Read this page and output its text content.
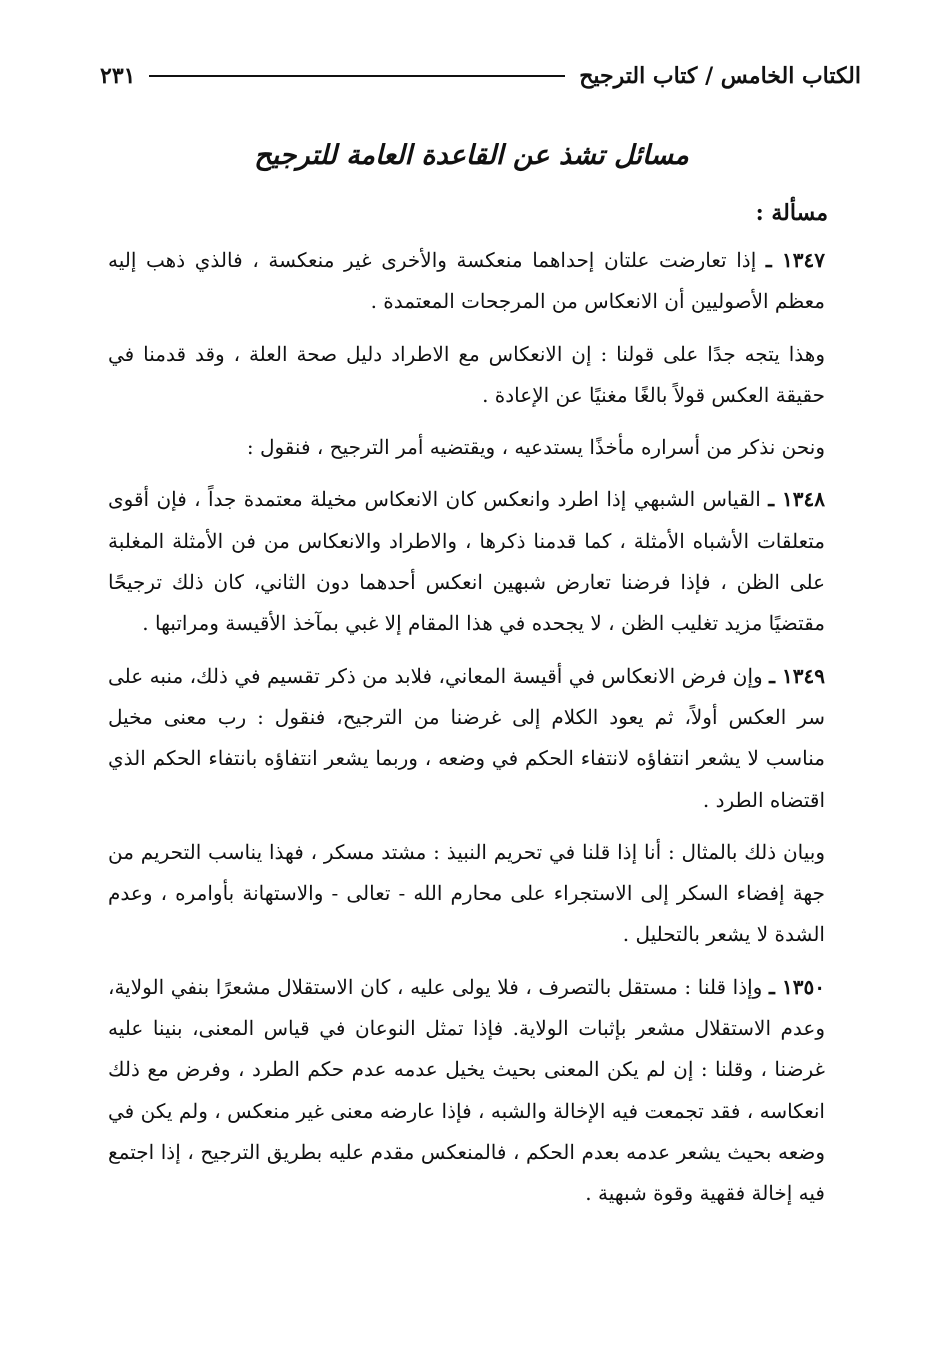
الكتاب الخامس / كتاب الترجيح
٢٣١
مسائل تشذ عن القاعدة العامة للترجيح
مسألة :

١٣٤٧ ـ إذا تعارضت علتان إحداهما منعكسة والأخرى غير منعكسة ، فالذي ذهب إليه معظم الأصوليين أن الانعكاس من المرجحات المعتمدة .

وهذا يتجه جدًا على قولنا : إن الانعكاس مع الاطراد دليل صحة العلة ، وقد قدمنا في حقيقة العكس قولاً بالغًا مغنيًا عن الإعادة .

ونحن نذكر من أسراره مأخذًا يستدعيه ، ويقتضيه أمر الترجيح ، فنقول :

١٣٤٨ ـ القياس الشبهي إذا اطرد وانعكس كان الانعكاس مخيلة معتمدة جداً ، فإن أقوى متعلقات الأشباه الأمثلة ، كما قدمنا ذكرها ، والاطراد والانعكاس من فن الأمثلة المغلبة على الظن ، فإذا فرضنا تعارض شبهين انعكس أحدهما دون الثاني، كان ذلك ترجيحًا مقتضيًا مزيد تغليب الظن ، لا يجحده في هذا المقام إلا غبي بمآخذ الأقيسة ومراتبها .

١٣٤٩ ـ وإن فرض الانعكاس في أقيسة المعاني، فلابد من ذكر تقسيم في ذلك، منبه على سر العكس أولاً، ثم يعود الكلام إلى غرضنا من الترجيح، فنقول : رب معنى مخيل مناسب لا يشعر انتفاؤه لانتفاء الحكم في وضعه ، وربما يشعر انتفاؤه بانتفاء الحكم الذي اقتضاه الطرد .

وبيان ذلك بالمثال : أنا إذا قلنا في تحريم النبيذ : مشتد مسكر ، فهذا يناسب التحريم من جهة إفضاء السكر إلى الاستجراء على محارم الله - تعالى - والاستهانة بأوامره ، وعدم الشدة لا يشعر بالتحليل .

١٣٥٠ ـ وإذا قلنا : مستقل بالتصرف ، فلا يولى عليه ، كان الاستقلال مشعرًا بنفي الولاية، وعدم الاستقلال مشعر بإثبات الولاية. فإذا تمثل النوعان في قياس المعنى، بنينا عليه غرضنا ، وقلنا : إن لم يكن المعنى بحيث يخيل عدمه عدم حكم الطرد ، وفرض مع ذلك انعكاسه ، فقد تجمعت فيه الإخالة والشبه ، فإذا عارضه معنى غير منعكس ، ولم يكن في وضعه بحيث يشعر عدمه بعدم الحكم ، فالمنعكس مقدم عليه بطريق الترجيح ، إذا اجتمع فيه إخالة فقهية وقوة شبهية .
